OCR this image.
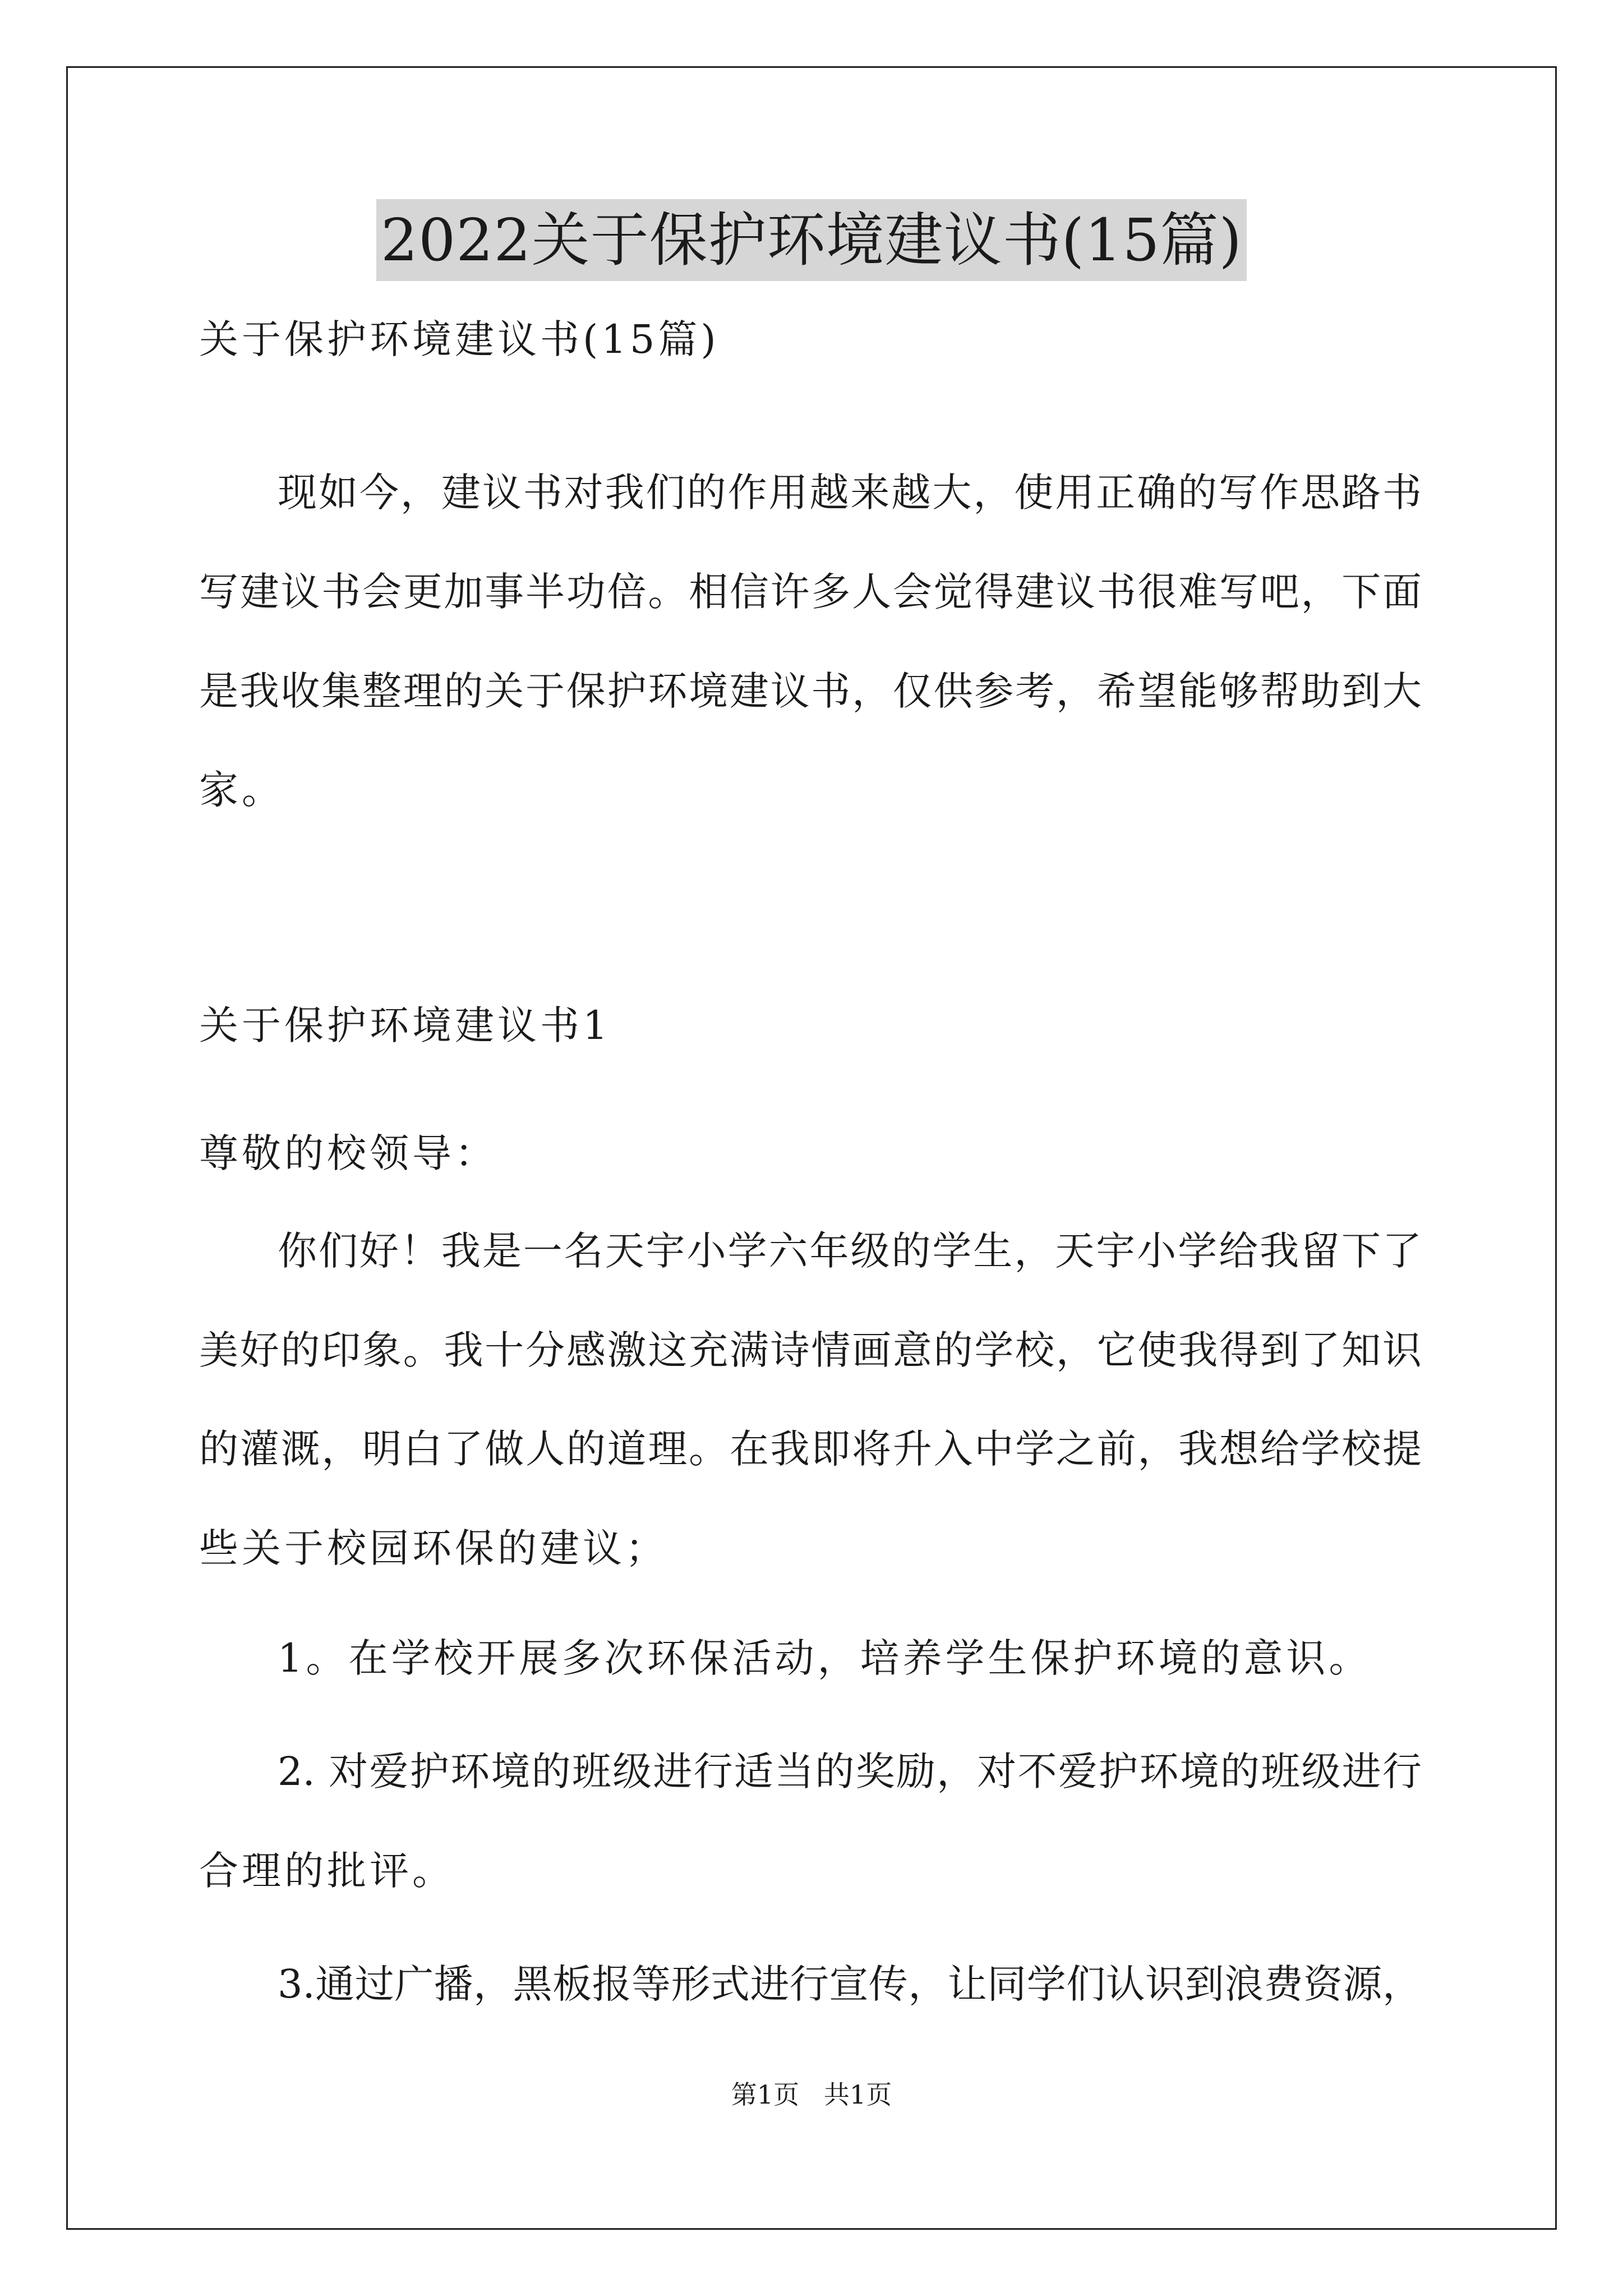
2022关于保护环境建议书(15篇)
关于保护环境建议书(15篇)
现如今，建议书对我们的作用越来越大，使用正确的写作思路书
写建议书会更加事半功倍。相信许多人会觉得建议书很难写吧，下面
是我收集整理的关于保护环境建议书，仅供参考，希望能够帮助到大
家。
关于保护环境建议书1
尊敬的校领导：
你们好！我是一名天宇小学六年级的学生，天宇小学给我留下了
美好的印象。我十分感激这充满诗情画意的学校，它使我得到了知识
的灌溉，明白了做人的道理。在我即将升入中学之前，我想给学校提
些关于校园环保的建议；
1。在学校开展多次环保活动，培养学生保护环境的意识。
2. 对爱护环境的班级进行适当的奖励，对不爱护环境的班级进行
合理的批评。
3.通过广播，黑板报等形式进行宣传，让同学们认识到浪费资源，
第1页   共1页
